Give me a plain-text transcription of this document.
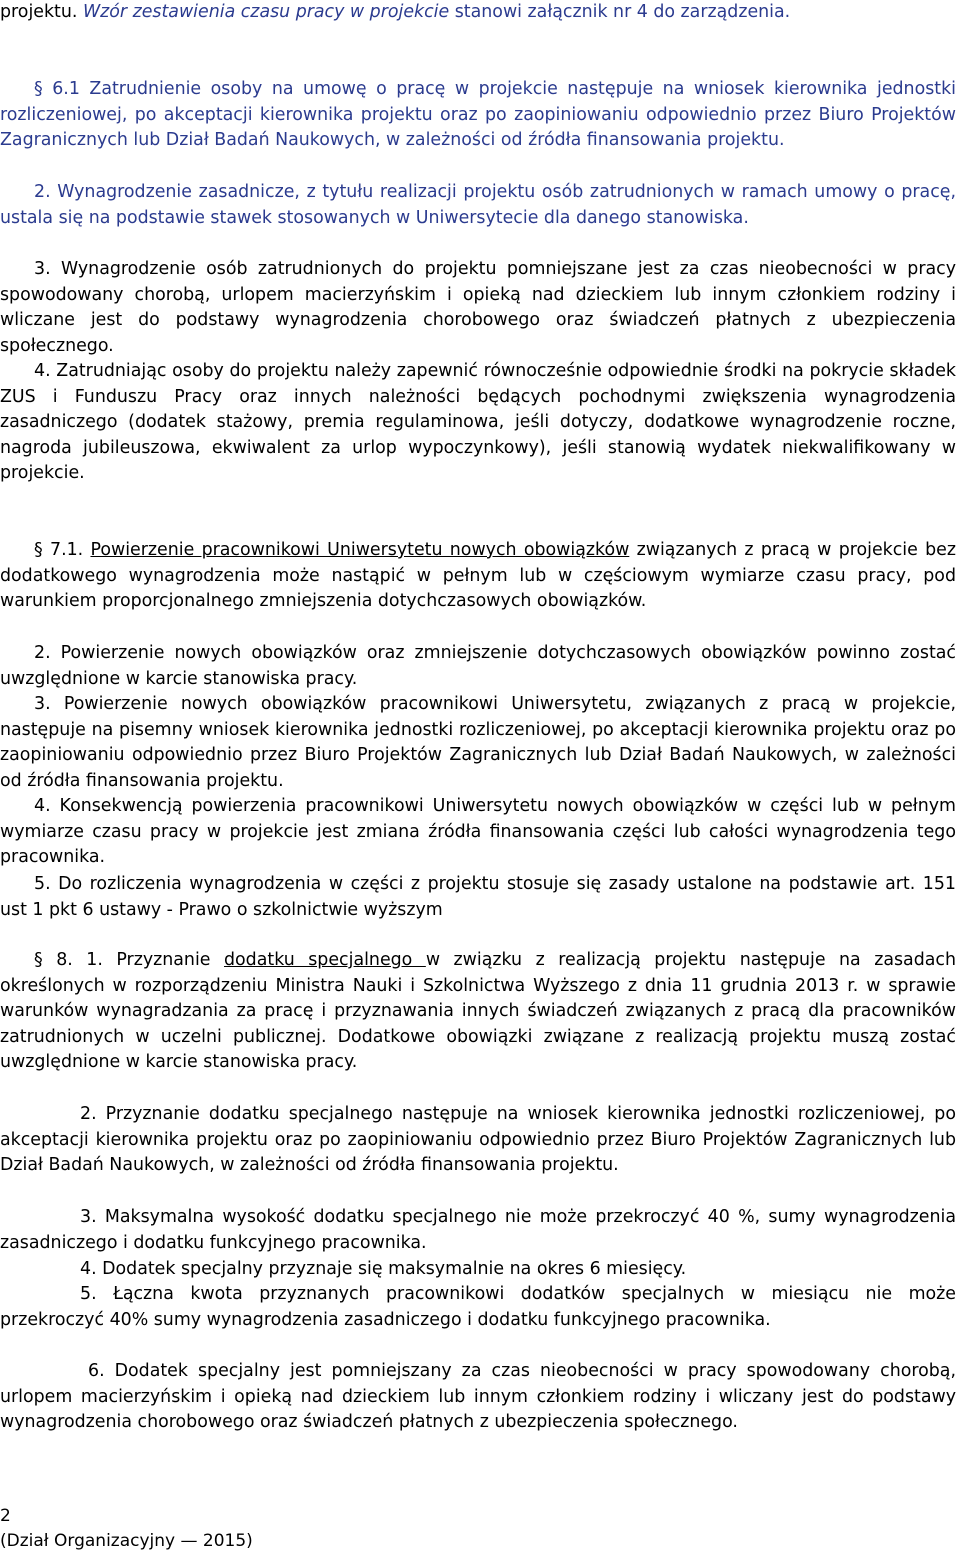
projektu. Wzór zestawienia czasu pracy w projekcie stanowi załącznik nr 4 do zarządzenia.

§ 6.1 Zatrudnienie osoby na umowę o pracę w projekcie następuje na wniosek kierownika jednostki rozliczeniowej, po akceptacji kierownika projektu oraz po zaopiniowaniu odpowiednio przez Biuro Projektów Zagranicznych lub Dział Badań Naukowych, w zależności od źródła finansowania projektu.

2. Wynagrodzenie zasadnicze, z tytułu realizacji projektu osób zatrudnionych w ramach umowy o pracę, ustala się na podstawie stawek stosowanych w Uniwersytecie dla danego stanowiska.

3. Wynagrodzenie osób zatrudnionych do projektu pomniejszane jest za czas nieobecności w pracy spowodowany chorobą, urlopem macierzyńskim i opieką nad dzieckiem lub innym członkiem rodziny i wliczane jest do podstawy wynagrodzenia chorobowego oraz świadczeń płatnych z ubezpieczenia społecznego.

4. Zatrudniając osoby do projektu należy zapewnić równocześnie odpowiednie środki na pokrycie składek ZUS i Funduszu Pracy oraz innych należności będących pochodnymi zwiększenia wynagrodzenia zasadniczego (dodatek stażowy, premia regulaminowa, jeśli dotyczy, dodatkowe wynagrodzenie roczne, nagroda jubileuszowa, ekwiwalent za urlop wypoczynkowy), jeśli stanowią wydatek niekwalifikowany w projekcie.

§ 7.1. Powierzenie pracownikowi Uniwersytetu nowych obowiązków związanych z pracą w projekcie bez dodatkowego wynagrodzenia może nastąpić w pełnym lub w częściowym wymiarze czasu pracy, pod warunkiem proporcjonalnego zmniejszenia dotychczasowych obowiązków.

2. Powierzenie nowych obowiązków oraz zmniejszenie dotychczasowych obowiązków powinno zostać uwzględnione w karcie stanowiska pracy.

3. Powierzenie nowych obowiązków pracownikowi Uniwersytetu, związanych z pracą w projekcie, następuje na pisemny wniosek kierownika jednostki rozliczeniowej, po akceptacji kierownika projektu oraz po zaopiniowaniu odpowiednio przez Biuro Projektów Zagranicznych lub Dział Badań Naukowych, w zależności od źródła finansowania projektu.

4. Konsekwencją powierzenia pracownikowi Uniwersytetu nowych obowiązków w części lub w pełnym wymiarze czasu pracy w projekcie jest zmiana źródła finansowania części lub całości wynagrodzenia tego pracownika.

5. Do rozliczenia wynagrodzenia w części z projektu stosuje się zasady ustalone na podstawie art. 151 ust 1 pkt 6 ustawy - Prawo o szkolnictwie wyższym

§ 8. 1. Przyznanie dodatku specjalnego w związku z realizacją projektu następuje na zasadach określonych w rozporządzeniu Ministra Nauki i Szkolnictwa Wyższego z dnia 11 grudnia 2013 r. w sprawie warunków wynagradzania za pracę i przyznawania innych świadczeń związanych z pracą dla pracowników zatrudnionych w uczelni publicznej. Dodatkowe obowiązki związane z realizacją projektu muszą zostać uwzględnione w karcie stanowiska pracy.

2. Przyznanie dodatku specjalnego następuje na wniosek kierownika jednostki rozliczeniowej, po akceptacji kierownika projektu oraz po zaopiniowaniu odpowiednio przez Biuro Projektów Zagranicznych lub Dział Badań Naukowych, w zależności od źródła finansowania projektu.

3. Maksymalna wysokość dodatku specjalnego nie może przekroczyć 40 %, sumy wynagrodzenia zasadniczego i dodatku funkcyjnego pracownika.

4. Dodatek specjalny przyznaje się maksymalnie na okres 6 miesięcy.

5. Łączna kwota przyznanych pracownikowi dodatków specjalnych w miesiącu nie może przekroczyć 40% sumy wynagrodzenia zasadniczego i dodatku funkcyjnego pracownika.

6. Dodatek specjalny jest pomniejszany za czas nieobecności w pracy spowodowany chorobą, urlopem macierzyńskim i opieką nad dzieckiem lub innym członkiem rodziny i wliczany jest do podstawy wynagrodzenia chorobowego oraz świadczeń płatnych z ubezpieczenia społecznego.

2

(Dział Organizacyjny — 2015)
